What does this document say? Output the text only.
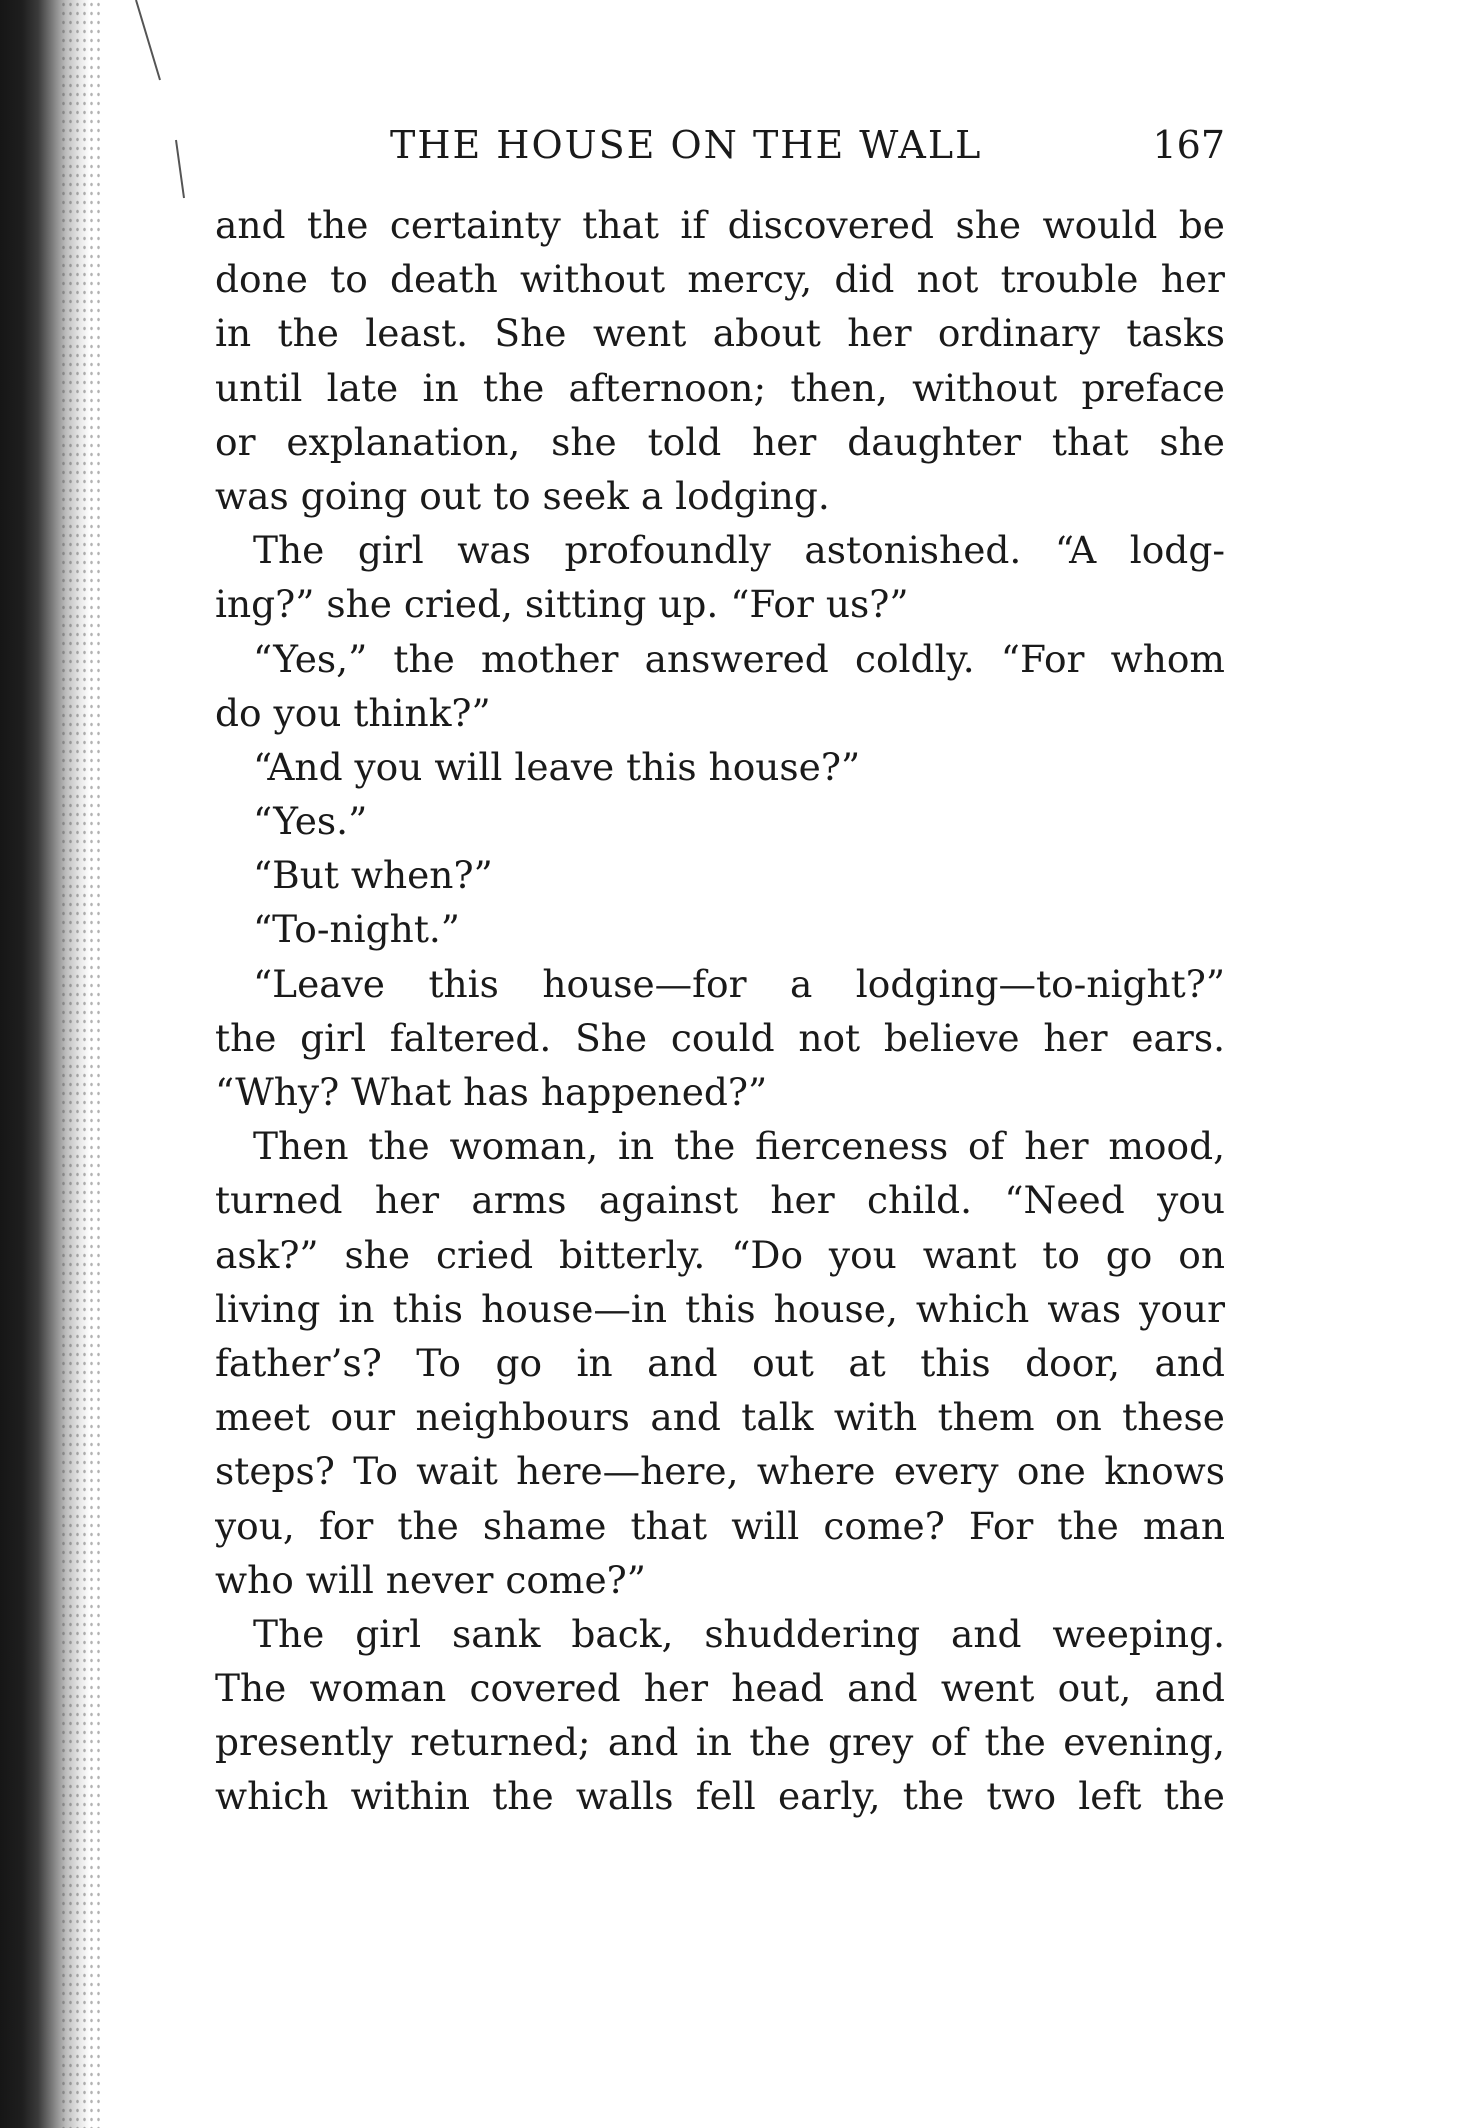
THE HOUSE ON THE WALL	167
and the certainty that if discovered she would be
done to death without mercy, did not trouble her
in the least. She went about her ordinary tasks
until late in the afternoon; then, without preface
or explanation, she told her daughter that she
was going out to seek a lodging.
The girl was profoundly astonished. “A lodg-
ing?” she cried, sitting up. “For us?”
“Yes,” the mother answered coldly. “For whom
do you think?”
“And you will leave this house?”
“Yes.”
“But when?”
“To-night.”
“Leave this house—for a lodging—to-night?”
the girl faltered. She could not believe her ears.
“Why? What has happened?”
Then the woman, in the fierceness of her mood,
turned her arms against her child. “Need you
ask?” she cried bitterly. “Do you want to go on
living in this house—in this house, which was your
father’s? To go in and out at this door, and
meet our neighbours and talk with them on these
steps? To wait here—here, where every one knows
you, for the shame that will come? For the man
who will never come?”
The girl sank back, shuddering and weeping.
The woman covered her head and went out, and
presently returned; and in the grey of the evening,
which within the walls fell early, the two left the
